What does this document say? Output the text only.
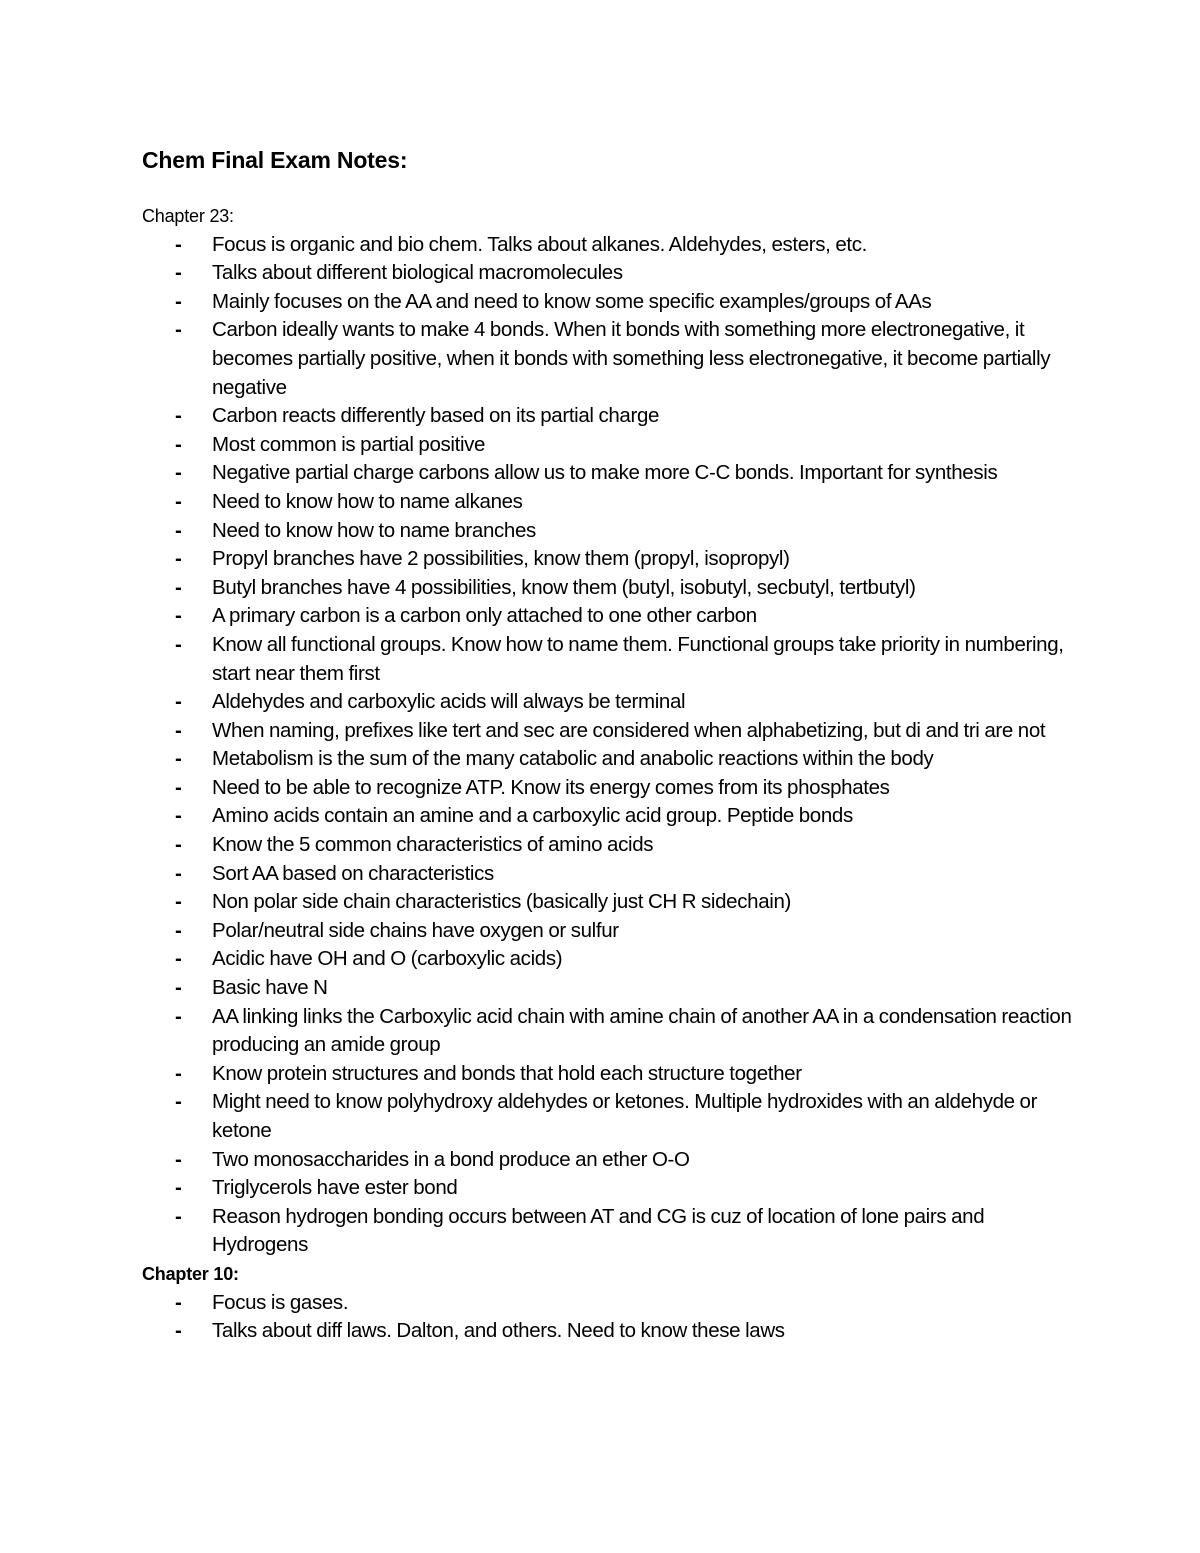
Chem Final Exam Notes:
Chapter 23:
- Focus is organic and bio chem. Talks about alkanes. Aldehydes, esters, etc.
- Talks about different biological macromolecules
- Mainly focuses on the AA and need to know some specific examples/groups of AAs
- Carbon ideally wants to make 4 bonds. When it bonds with something more electronegative, it becomes partially positive, when it bonds with something less electronegative, it become partially negative
- Carbon reacts differently based on its partial charge
- Most common is partial positive
- Negative partial charge carbons allow us to make more C-C bonds. Important for synthesis
- Need to know how to name alkanes
- Need to know how to name branches
- Propyl branches have 2 possibilities, know them (propyl, isopropyl)
- Butyl branches have 4 possibilities, know them (butyl, isobutyl, secbutyl, tertbutyl)
- A primary carbon is a carbon only attached to one other carbon
- Know all functional groups. Know how to name them. Functional groups take priority in numbering, start near them first
- Aldehydes and carboxylic acids will always be terminal
- When naming, prefixes like tert and sec are considered when alphabetizing, but di and tri are not
- Metabolism is the sum of the many catabolic and anabolic reactions within the body
- Need to be able to recognize ATP. Know its energy comes from its phosphates
- Amino acids contain an amine and a carboxylic acid group. Peptide bonds
- Know the 5 common characteristics of amino acids
- Sort AA based on characteristics
- Non polar side chain characteristics (basically just CH R sidechain)
- Polar/neutral side chains have oxygen or sulfur
- Acidic have OH and O (carboxylic acids)
- Basic have N
- AA linking links the Carboxylic acid chain with amine chain of another AA in a condensation reaction producing an amide group
- Know protein structures and bonds that hold each structure together
- Might need to know polyhydroxy aldehydes or ketones. Multiple hydroxides with an aldehyde or ketone
- Two monosaccharides in a bond produce an ether O-O
- Triglycerols have ester bond
- Reason hydrogen bonding occurs between AT and CG is cuz of location of lone pairs and Hydrogens
Chapter 10:
- Focus is gases.
- Talks about diff laws. Dalton, and others. Need to know these laws
